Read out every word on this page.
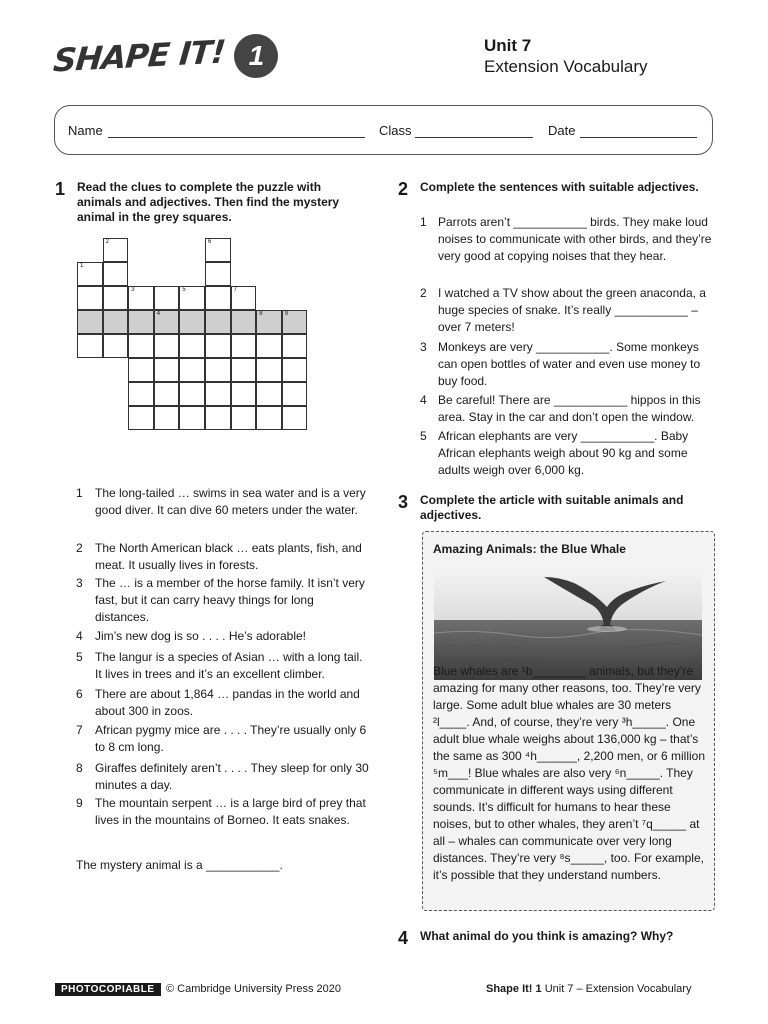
SHAPE IT! 1	Unit 7
Extension Vocabulary
Name	Class	Date
1 Read the clues to complete the puzzle with animals and adjectives. Then find the mystery animal in the grey squares.
1
2
3
4
5
6
7
8	9
1	The long-tailed … swims in sea water and is a very good diver. It can dive 60 meters under the water.
2	The North American black … eats plants, fish, and meat. It usually lives in forests.
3	The … is a member of the horse family. It isn’t very fast, but it can carry heavy things for long distances.
4	Jim’s new dog is so . . . . He’s adorable!
5	The langur is a species of Asian … with a long tail. It lives in trees and it’s an excellent climber.
6	There are about 1,864 … pandas in the world and about 300 in zoos.
7	African pygmy mice are . . . . They’re usually only 6 to 8 cm long.
8	Giraffes definitely aren’t . . . . They sleep for only 30 minutes a day.
9	The mountain serpent … is a large bird of prey that lives in the mountains of Borneo. It eats snakes.
The mystery animal is a ___________.
2 Complete the sentences with suitable adjectives.
1 Parrots aren’t ___________ birds. They make loud noises to communicate with other birds, and they’re very good at copying noises that they hear.
2 I watched a TV show about the green anaconda, a huge species of snake. It’s really ___________ – over 7 meters!
3 Monkeys are very ___________. Some monkeys can open bottles of water and even use money to buy food.
4 Be careful! There are ___________ hippos in this area. Stay in the car and don’t open the window.
5 African elephants are very ___________. Baby African elephants weigh about 90 kg and some adults weigh over 6,000 kg.
3 Complete the article with suitable animals and adjectives.
Amazing Animals: the Blue Whale

Blue whales are ¹b________ animals, but they’re amazing for many other reasons, too. They’re very large. Some adult blue whales are 30 meters ²l____. And, of course, they’re very ³h_____. One adult blue whale weighs about 136,000 kg – that’s the same as 300 ⁴h______, 2,200 men, or 6 million ⁵m___! Blue whales are also very ⁶n_____. They communicate in different ways using different sounds. It’s difficult for humans to hear these noises, but to other whales, they aren’t ⁷q_____ at all – whales can communicate over very long distances. They’re very ⁸s_____, too. For example, it’s possible that they understand numbers.

4 What animal do you think is amazing? Why?
PHOTOCOPIABLE	© Cambridge University Press 2020	Shape It! 1 Unit 7 – Extension Vocabulary
